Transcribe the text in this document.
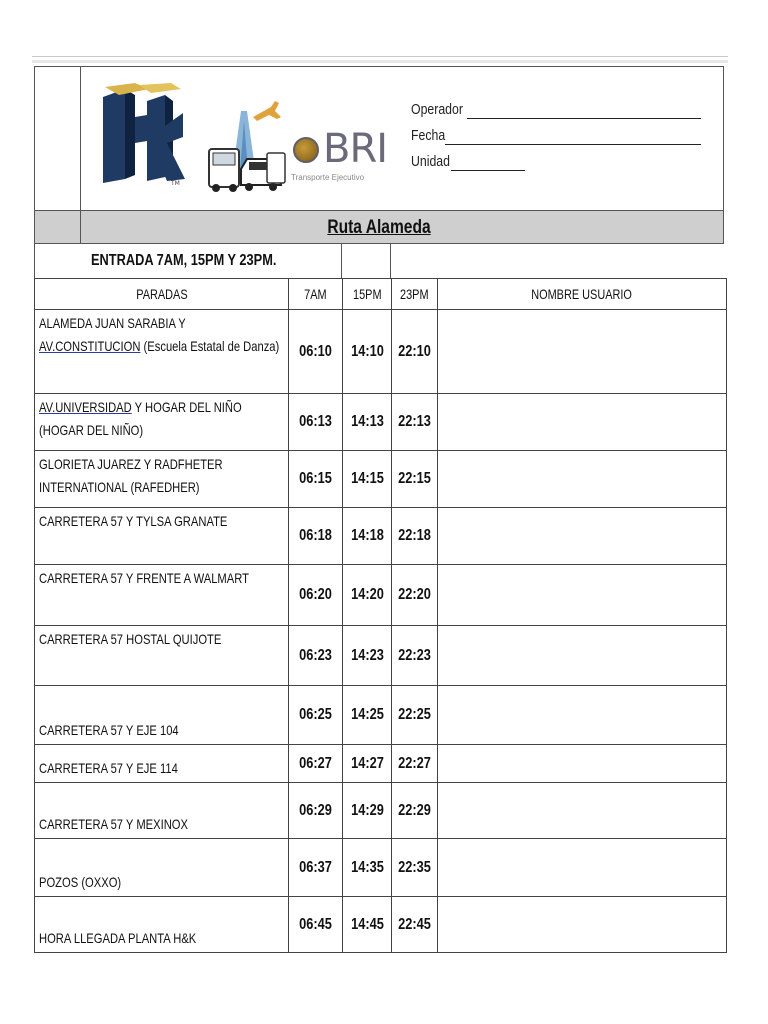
TM
BRI
Transporte Ejecutivo
Operador
Fecha
Unidad
Ruta Alameda
ENTRADA 7AM, 15PM Y 23PM.
PARADAS	7AM	15PM	23PM	NOMBRE USUARIO

ALAMEDA JUAN SARABIA Y
AV.CONSTITUCION (Escuela Estatal de Danza)	06:10	14:10	22:10	

AV.UNIVERSIDAD Y HOGAR DEL NIÑO (HOGAR DEL NIÑO)	06:13	14:13	22:13	

GLORIETA JUAREZ Y RADFHETER INTERNATIONAL (RAFEDHER)	06:15	14:15	22:15	

CARRETERA 57 Y TYLSA GRANATE	06:18	14:18	22:18	

CARRETERA 57 Y FRENTE A WALMART	06:20	14:20	22:20	

CARRETERA 57 HOSTAL QUIJOTE	06:23	14:23	22:23	

CARRETERA 57 Y EJE 104	06:25	14:25	22:25	

CARRETERA 57 Y EJE 114	06:27	14:27	22:27	

CARRETERA 57 Y MEXINOX	06:29	14:29	22:29	

POZOS (OXXO)	06:37	14:35	22:35	

HORA LLEGADA PLANTA H&K	06:45	14:45	22:45	
